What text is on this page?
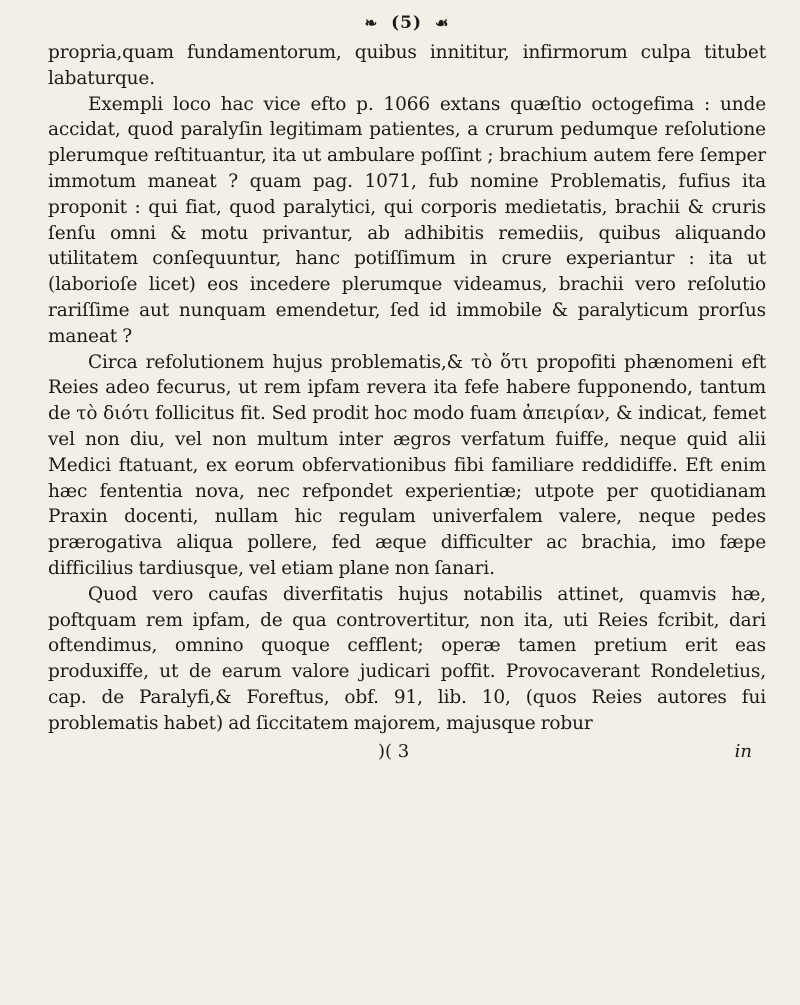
❧ (5) ☙

propria,quam fundamentorum, quibus innititur, infirmorum culpa titubet labaturque.

Exempli loco hac vice efto p. 1066 extans quæſtio octogefima : unde accidat, quod paralyſin legitimam patientes, a crurum pedumque reſolutione plerumque reſtituantur, ita ut ambulare poſſint ; brachium autem fere ſemper immotum maneat ? quam pag. 1071, fub nomine Problematis, fufius ita proponit : qui fiat, quod paralytici, qui corporis medietatis, brachii & cruris ſenſu omni & motu privantur, ab adhibitis remediis, quibus aliquando utilitatem conſequuntur, hanc potiſſimum in crure experiantur : ita ut (laborioſe licet) eos incedere plerumque videamus, brachii vero reſolutio rariſſime aut nunquam emendetur, ſed id immobile & paralyticum prorſus maneat ?

Circa refolutionem hujus problematis,& τὸ ὅτι propofiti phænomeni eft Reies adeo fecurus, ut rem ipfam revera ita fefe habere fupponendo, tantum de τὸ διότι follicitus fit. Sed prodit hoc modo fuam ἀπειρίαν, & indicat, femet vel non diu, vel non multum inter ægros verfatum fuiffe, neque quid alii Medici ftatuant, ex eorum obfervationibus fibi familiare reddidiffe. Eft enim hæc fententia nova, nec refpondet experientiæ; utpote per quotidianam Praxin docenti, nullam hic regulam univerfalem valere, neque pedes prærogativa aliqua pollere, fed æque difficulter ac brachia, imo fæpe difficilius tardiusque, vel etiam plane non ſanari.

Quod vero caufas diverfitatis hujus notabilis attinet, quamvis hæ, poftquam rem ipfam, de qua controvertitur, non ita, uti Reies fcribit, dari oftendimus, omnino quoque cefflent; operæ tamen pretium erit eas produxiffe, ut de earum valore judicari poffit. Provocaverant Rondeletius, cap. de Paralyfi,& Foreftus, obf. 91, lib. 10, (quos Reies autores fui problematis habet) ad ſiccitatem majorem, majusque robur

)( 3	in
